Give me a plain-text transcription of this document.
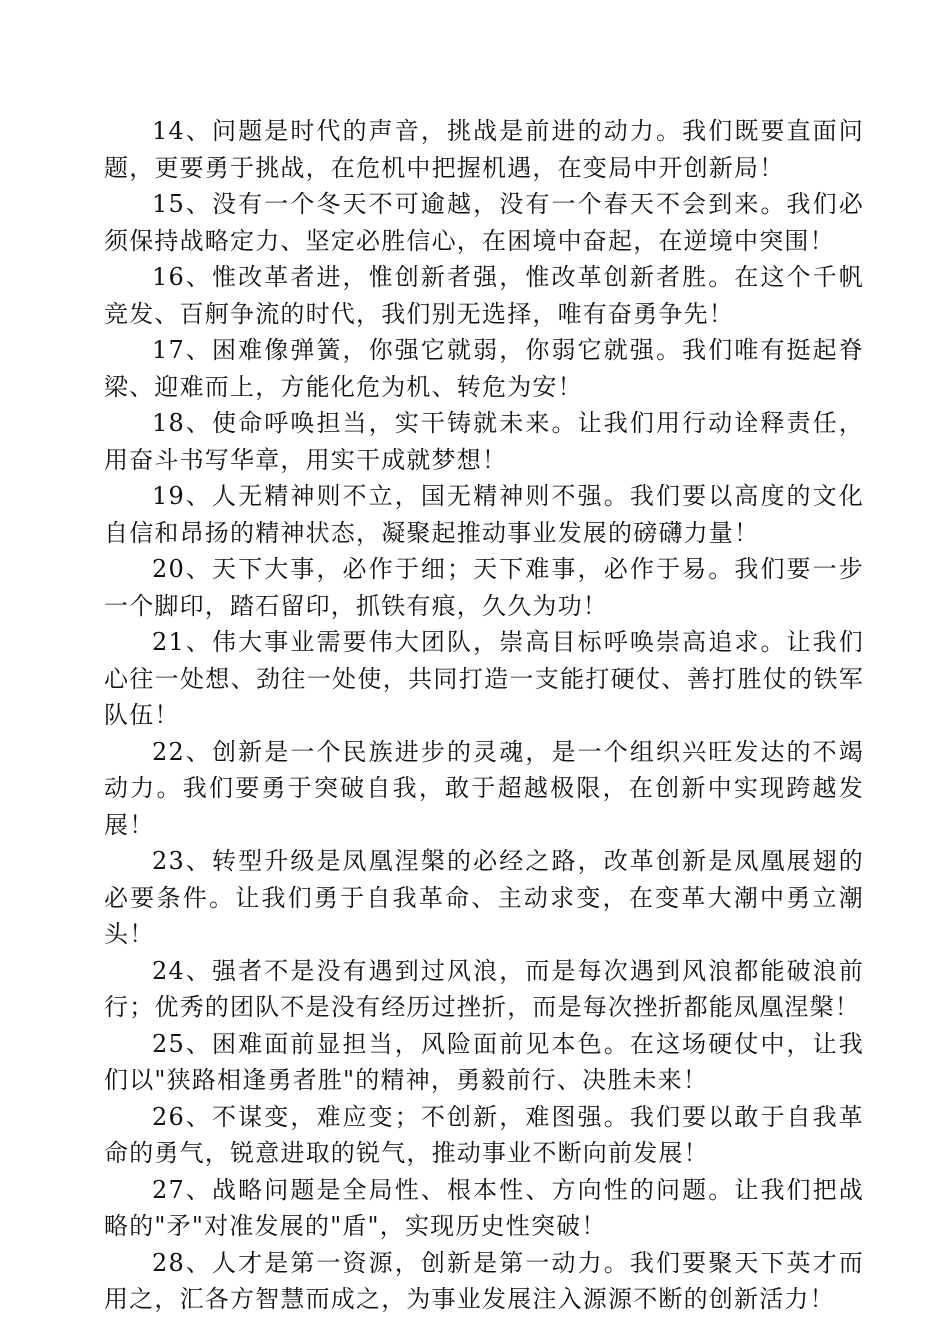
14、问题是时代的声音，挑战是前进的动力。我们既要直面问题，更要勇于挑战，在危机中把握机遇，在变局中开创新局！

15、没有一个冬天不可逾越，没有一个春天不会到来。我们必须保持战略定力、坚定必胜信心，在困境中奋起，在逆境中突围！

16、惟改革者进，惟创新者强，惟改革创新者胜。在这个千帆竞发、百舸争流的时代，我们别无选择，唯有奋勇争先！

17、困难像弹簧，你强它就弱，你弱它就强。我们唯有挺起脊梁、迎难而上，方能化危为机、转危为安！

18、使命呼唤担当，实干铸就未来。让我们用行动诠释责任，用奋斗书写华章，用实干成就梦想！

19、人无精神则不立，国无精神则不强。我们要以高度的文化自信和昂扬的精神状态，凝聚起推动事业发展的磅礴力量！

20、天下大事，必作于细；天下难事，必作于易。我们要一步一个脚印，踏石留印，抓铁有痕，久久为功！

21、伟大事业需要伟大团队，崇高目标呼唤崇高追求。让我们心往一处想、劲往一处使，共同打造一支能打硬仗、善打胜仗的铁军队伍！

22、创新是一个民族进步的灵魂，是一个组织兴旺发达的不竭动力。我们要勇于突破自我，敢于超越极限，在创新中实现跨越发展！

23、转型升级是凤凰涅槃的必经之路，改革创新是凤凰展翅的必要条件。让我们勇于自我革命、主动求变，在变革大潮中勇立潮头！

24、强者不是没有遇到过风浪，而是每次遇到风浪都能破浪前行；优秀的团队不是没有经历过挫折，而是每次挫折都能凤凰涅槃！

25、困难面前显担当，风险面前见本色。在这场硬仗中，让我们以"狭路相逢勇者胜"的精神，勇毅前行、决胜未来！

26、不谋变，难应变；不创新，难图强。我们要以敢于自我革命的勇气，锐意进取的锐气，推动事业不断向前发展！

27、战略问题是全局性、根本性、方向性的问题。让我们把战略的"矛"对准发展的"盾"，实现历史性突破！

28、人才是第一资源，创新是第一动力。我们要聚天下英才而用之，汇各方智慧而成之，为事业发展注入源源不断的创新活力！
